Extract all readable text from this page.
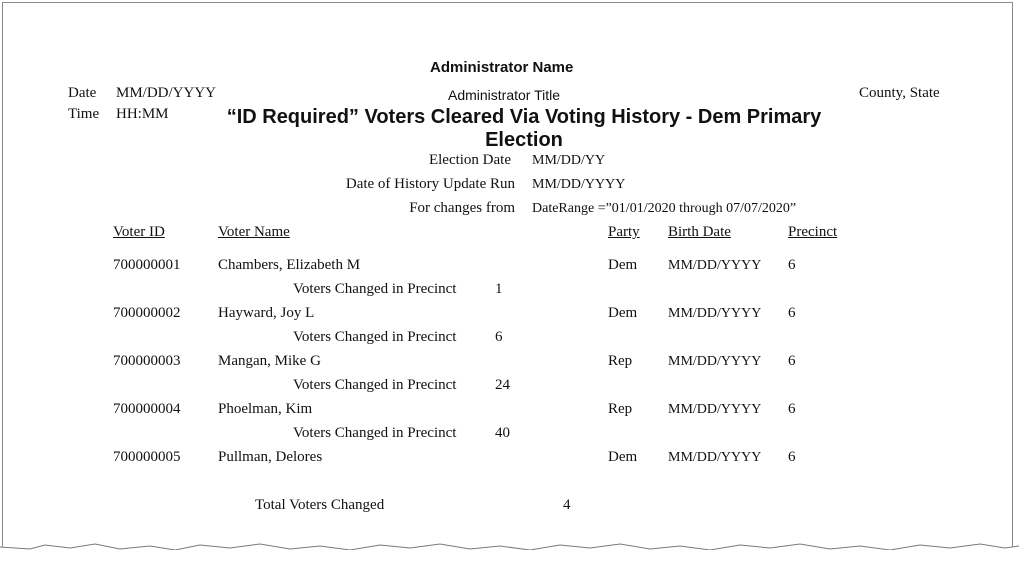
Administrator Name
Date MM/DD/YYYY	Administrator Title	County, State
Time HH:MM	“ID Required” Voters Cleared Via Voting History - Dem Primary
Election
Election Date MM/DD/YY
Date of History Update Run MM/DD/YYYY
For changes from DateRange =”01/01/2020 through 07/07/2020”
Voter ID	Voter Name	Party Birth Date	Precinct
700000001	Chambers, Elizabeth M	Dem MM/DD/YYYY 6
Voters Changed in Precinct	1
700000002	Hayward, Joy L	Dem MM/DD/YYYY 6
Voters Changed in Precinct	6
700000003	Mangan, Mike G	Rep	MM/DD/YYYY 6
Voters Changed in Precinct	24
700000004	Phoelman, Kim	Rep	MM/DD/YYYY 6
Voters Changed in Precinct	40
700000005	Pullman, Delores	Dem MM/DD/YYYY 6
Total Voters Changed	4
